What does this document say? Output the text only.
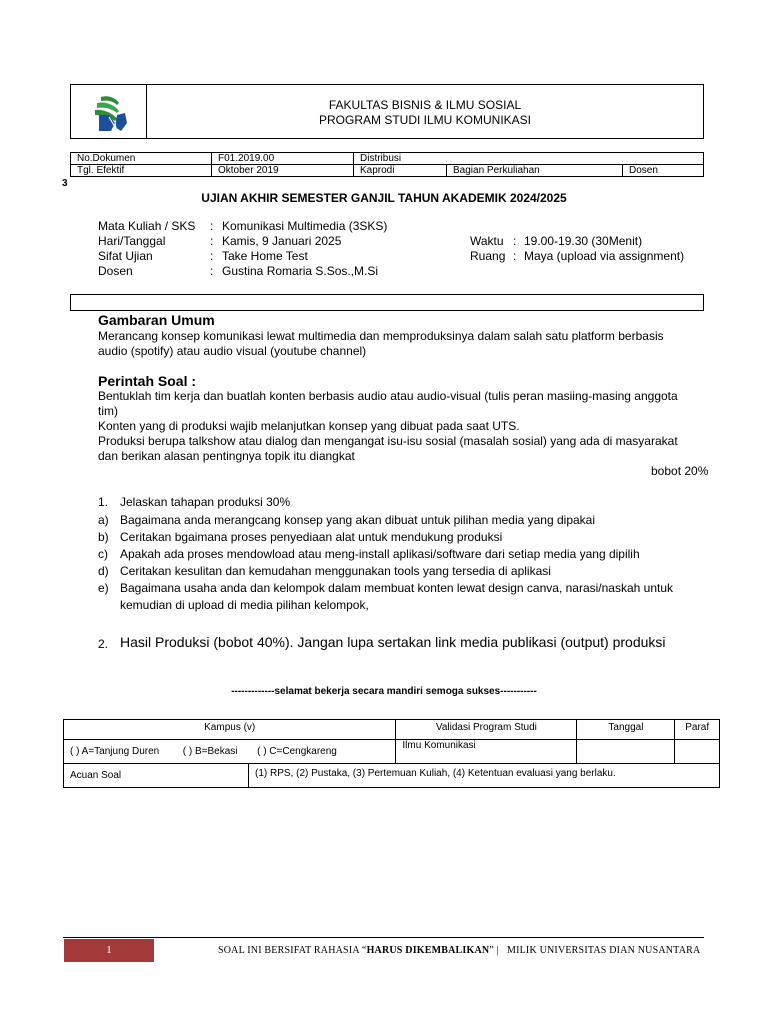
FAKULTAS BISNIS & ILMU SOSIAL
PROGRAM STUDI ILMU KOMUNIKASI
No.Dokumen	F01.2019.00	Distribusi		
Tgl. Efektif	Oktober 2019	Kaprodi	Bagian Perkuliahan	Dosen
3
UJIAN AKHIR SEMESTER GANJIL TAHUN AKADEMIK 2024/2025
Mata Kuliah / SKS : Komunikasi Multimedia (3SKS)
Hari/Tanggal	: Kamis, 9 Januari 2025
Sifat Ujian	: Take Home Test
Dosen	: Gustina Romaria S.Sos.,M.Si
Waktu : 19.00-19.30 (30Menit)
Ruang : Maya (upload via assignment)
Gambaran Umum
Merancang konsep komunikasi lewat multimedia dan memproduksinya dalam salah satu platform berbasis
audio (spotify) atau audio visual (youtube channel)
Perintah Soal :
Bentuklah tim kerja dan buatlah konten berbasis audio atau audio-visual (tulis peran masiing-masing anggota
tim)
Konten yang di produksi wajib melanjutkan konsep yang dibuat pada saat UTS.
Produksi berupa talkshow atau dialog dan mengangat isu-isu sosial (masalah sosial) yang ada di masyarakat
dan berikan alasan pentingnya topik itu diangkat
bobot 20%
1. Jelaskan tahapan produksi 30%
a) Bagaimana anda merangcang konsep yang akan dibuat untuk pilihan media yang dipakai
b) Ceritakan bgaimana proses penyediaan alat untuk mendukung produksi
c) Apakah ada proses mendowload atau meng-install aplikasi/software dari setiap media yang dipilih
d) Ceritakan kesulitan dan kemudahan menggunakan tools yang tersedia di aplikasi
e) Bagaimana usaha anda dan kelompok dalam membuat konten lewat design canva, narasi/naskah untuk
kemudian di upload di media pilihan kelompok,
2. Hasil Produksi (bobot 40%). Jangan lupa sertakan link media publikasi (output) produksi
-------------selamat bekerja secara mandiri semoga sukses-----------
Kampus (v)		Validasi Program Studi	Tanggal	Paraf
( ) A=Tanjung Duren ( ) B=Bekasi ( ) C=Cengkareng		Ilmu Komunikasi		
Acuan Soal	(1) RPS, (2) Pustaka, (3) Pertemuan Kuliah, (4) Ketentuan evaluasi yang berlaku.			
1	SOAL INI BERSIFAT RAHASIA “HARUS DIKEMBALIKAN” | MILIK UNIVERSITAS DIAN NUSANTARA
